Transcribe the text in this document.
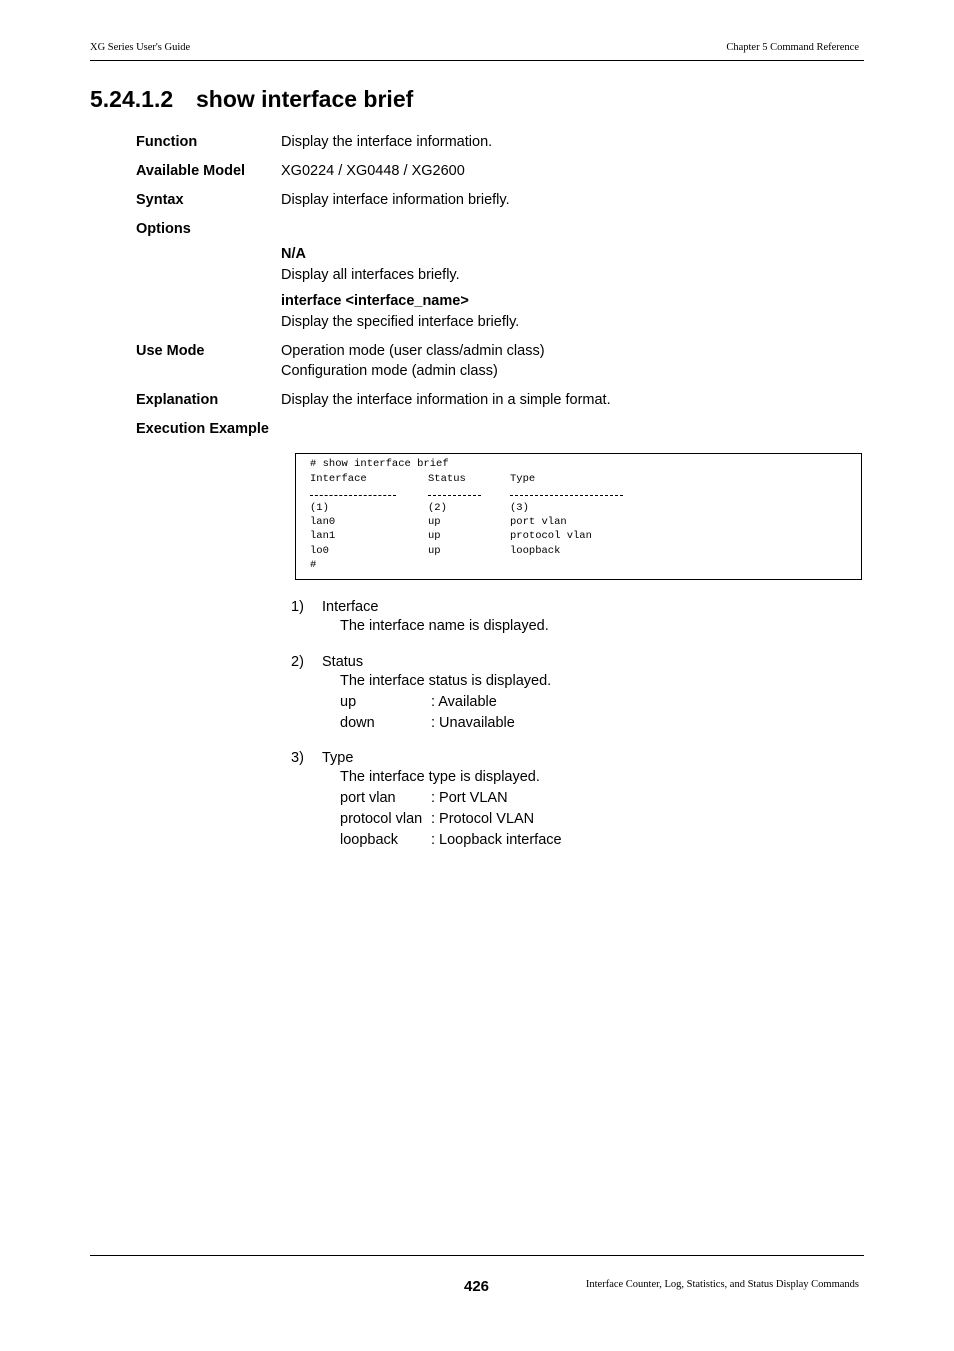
XG Series User's Guide	Chapter 5 Command Reference
5.24.1.2 show interface brief
Function	Display the interface information.
Available Model XG0224 / XG0448 / XG2600
Syntax	Display interface information briefly.
Options
N/A
Display all interfaces briefly.
interface <interface_name>
Display the specified interface briefly.
Use Mode	Operation mode (user class/admin class)
Configuration mode (admin class)
Explanation	Display the interface information in a simple format.
Execution Example
# show interface brief
Interface	Status	Type
(1)	(2)	(3)
lan0	up	port vlan
lan1	up	protocol vlan
lo0	up	loopback
#
1) Interface
The interface name is displayed.
2) Status
The interface status is displayed.
up	: Available
down	: Unavailable
3) Type
The interface type is displayed.
port vlan : Port VLAN
protocol vlan : Protocol VLAN
loopback : Loopback interface
426	Interface Counter, Log, Statistics, and Status Display Commands
